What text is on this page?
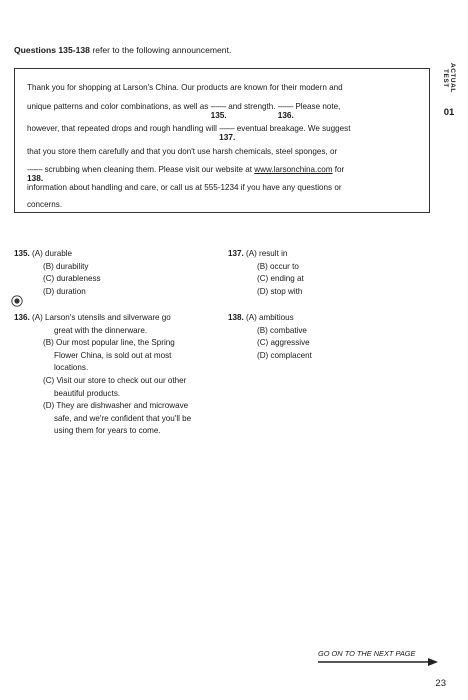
Questions 135-138 refer to the following announcement.
ACTUAL TEST
01
Thank you for shopping at Larson's China. Our products are known for their modern and
unique patterns and color combinations, as well as -------
135.
and strength. -------
136.
Please note,
however, that repeated drops and rough handling will -------
137.
eventual breakage. We suggest
that you store them carefully and that you don't use harsh chemicals, steel sponges, or
-------
138.
scrubbing when cleaning them. Please visit our website at www.larsonchina.com for
information about handling and care, or call us at 555-1234 if you have any questions or
concerns.
135. (A) durable
(B) durability
(C) durableness
(D) duration
136. (A) Larson's utensils and silverware go
great with the dinnerware.
(B) Our most popular line, the Spring
Flower China, is sold out at most
locations.
(C) Visit our store to check out our other
beautiful products.
(D) They are dishwasher and microwave
safe, and we're confident that you'll be
using them for years to come.
137. (A) result in
(B) occur to
(C) ending at
(D) stop with
138. (A) ambitious
(B) combative
(C) aggressive
(D) complacent
GO ON TO THE NEXT PAGE
23
